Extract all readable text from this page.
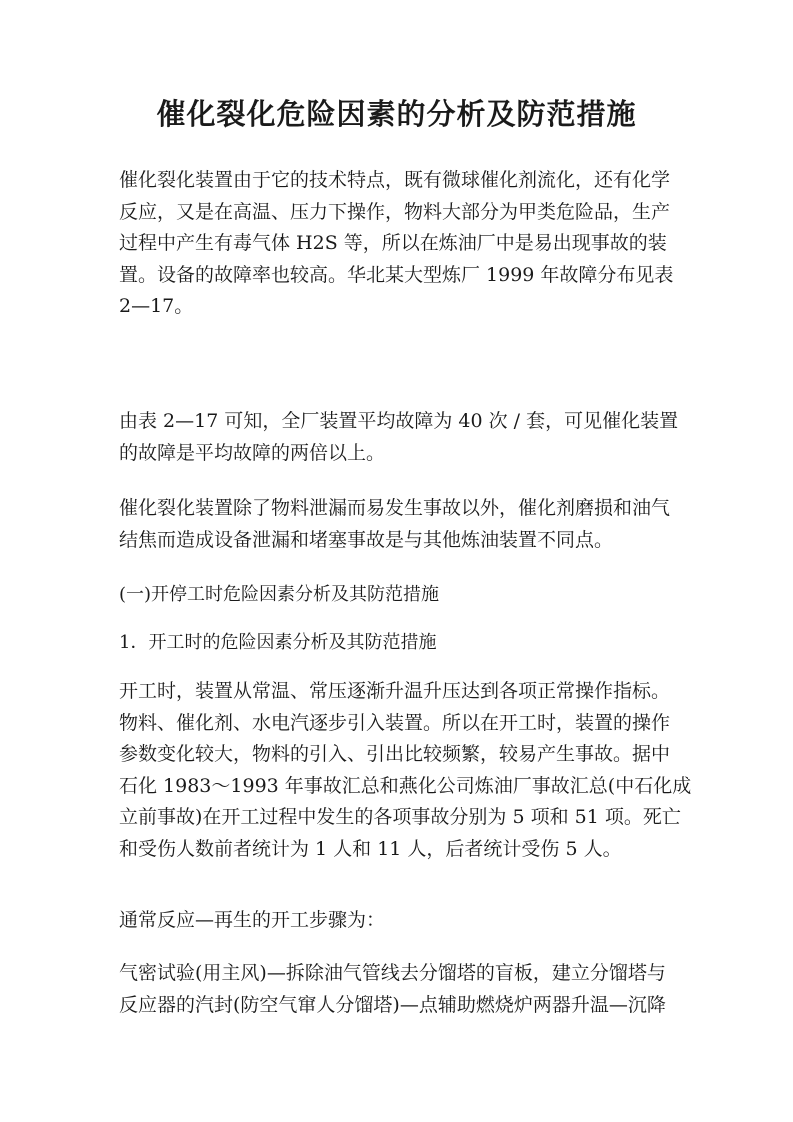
催化裂化危险因素的分析及防范措施
催化裂化装置由于它的技术特点，既有微球催化剂流化，还有化学
反应，又是在高温、压力下操作，物料大部分为甲类危险品，生产
过程中产生有毒气体 H2S 等，所以在炼油厂中是易出现事故的装
置。设备的故障率也较高。华北某大型炼厂 1999 年故障分布见表
2—17。
由表 2—17 可知，全厂装置平均故障为 40 次 / 套，可见催化装置
的故障是平均故障的两倍以上。
催化裂化装置除了物料泄漏而易发生事故以外，催化剂磨损和油气
结焦而造成设备泄漏和堵塞事故是与其他炼油装置不同点。
(一)开停工时危险因素分析及其防范措施
1．开工时的危险因素分析及其防范措施
开工时，装置从常温、常压逐渐升温升压达到各项正常操作指标。
物料、催化剂、水电汽逐步引入装置。所以在开工时，装置的操作
参数变化较大，物料的引入、引出比较频繁，较易产生事故。据中
石化 1983～1993 年事故汇总和燕化公司炼油厂事故汇总(中石化成
立前事故)在开工过程中发生的各项事故分别为 5 项和 51 项。死亡
和受伤人数前者统计为 1 人和 11 人，后者统计受伤 5 人。
通常反应—再生的开工步骤为：
气密试验(用主风)—拆除油气管线去分馏塔的盲板，建立分馏塔与
反应器的汽封(防空气窜人分馏塔)—点辅助燃烧炉两器升温—沉降
